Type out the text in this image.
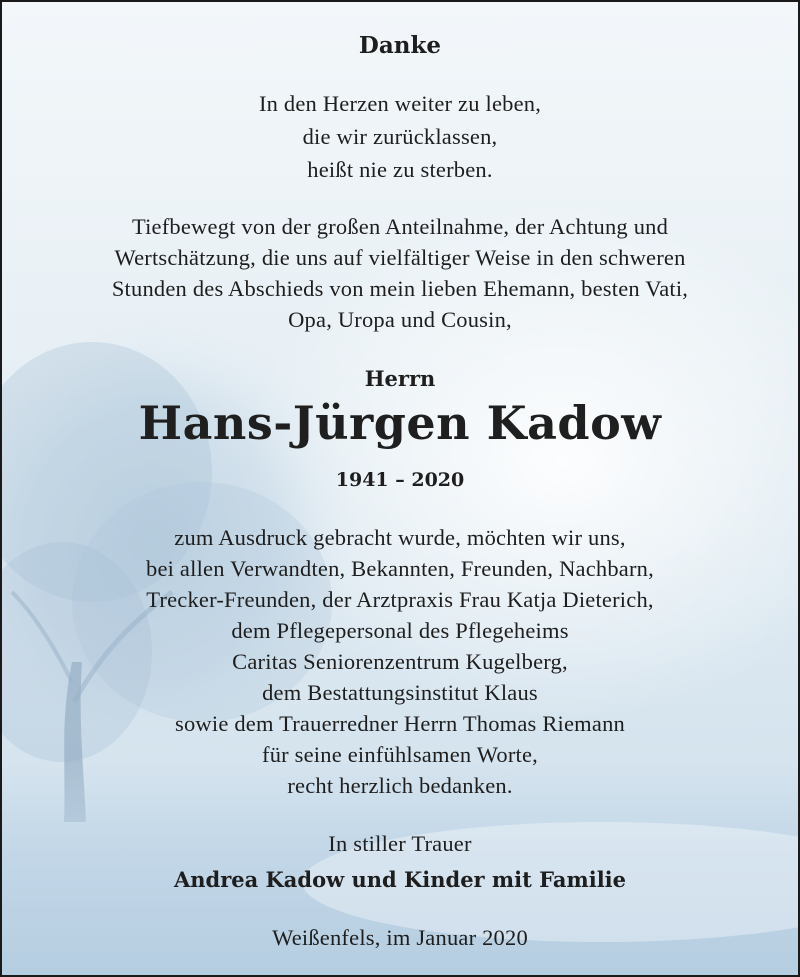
Danke
In den Herzen weiter zu leben,
die wir zurücklassen,
heißt nie zu sterben.
Tiefbewegt von der großen Anteilnahme, der Achtung und
Wertschätzung, die uns auf vielfältiger Weise in den schweren
Stunden des Abschieds von mein lieben Ehemann, besten Vati,
Opa, Uropa und Cousin,
Herrn
Hans-Jürgen Kadow
1941 – 2020
zum Ausdruck gebracht wurde, möchten wir uns,
bei allen Verwandten, Bekannten, Freunden, Nachbarn,
Trecker-Freunden, der Arztpraxis Frau Katja Dieterich,
dem Pflegepersonal des Pflegeheims
Caritas Seniorenzentrum Kugelberg,
dem Bestattungsinstitut Klaus
sowie dem Trauerredner Herrn Thomas Riemann
für seine einfühlsamen Worte,
recht herzlich bedanken.
In stiller Trauer
Andrea Kadow und Kinder mit Familie
Weißenfels, im Januar 2020
